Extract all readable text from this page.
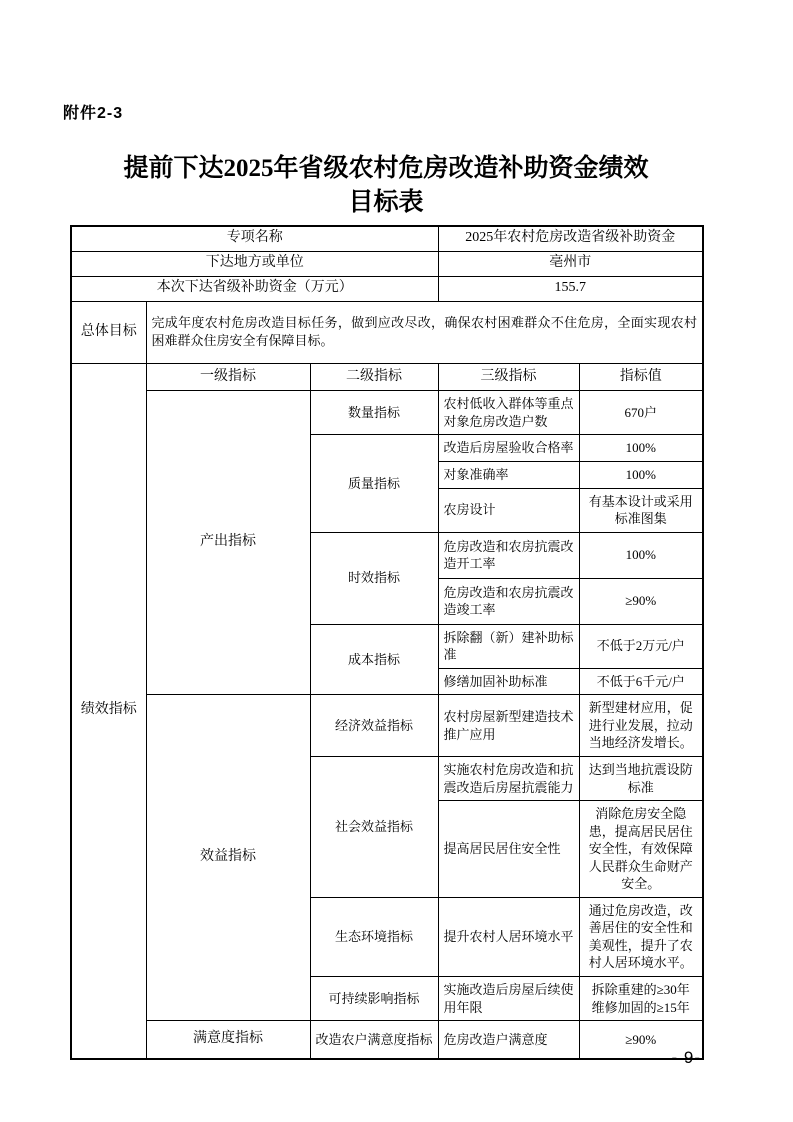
附件2-3
提前下达2025年省级农村危房改造补助资金绩效
目标表
专项名称			2025年农村危房改造省级补助资金	
下达地方或单位			亳州市	
本次下达省级补助资金（万元）			155.7	
总体目标	完成年度农村危房改造目标任务，做到应改尽改，确保农村困难群众不住危房，全面实现农村困难群众住房安全有保障目标。			
绩效指标	一级指标	二级指标	三级指标	指标值
	产出指标	数量指标	农村低收入群体等重点对象危房改造户数	670户
		质量指标	改造后房屋验收合格率	100%
			对象准确率	100%
			农房设计	有基本设计或采用标准图集
		时效指标	危房改造和农房抗震改造开工率	100%
			危房改造和农房抗震改造竣工率	≥90%
		成本指标	拆除翻（新）建补助标准	不低于2万元/户
			修缮加固补助标准	不低于6千元/户
	效益指标	经济效益指标	农村房屋新型建造技术推广应用	新型建材应用，促进行业发展，拉动当地经济发增长。
		社会效益指标	实施农村危房改造和抗震改造后房屋抗震能力	达到当地抗震设防标准
			提高居民居住安全性	消除危房安全隐患，提高居民居住安全性，有效保障人民群众生命财产安全。
		生态环境指标	提升农村人居环境水平	通过危房改造，改善居住的安全性和美观性，提升了农村人居环境水平。
		可持续影响指标	实施改造后房屋后续使用年限	拆除重建的≥30年 维修加固的≥15年
	满意度指标	改造农户满意度指标	危房改造户满意度	≥90%
- 9-
